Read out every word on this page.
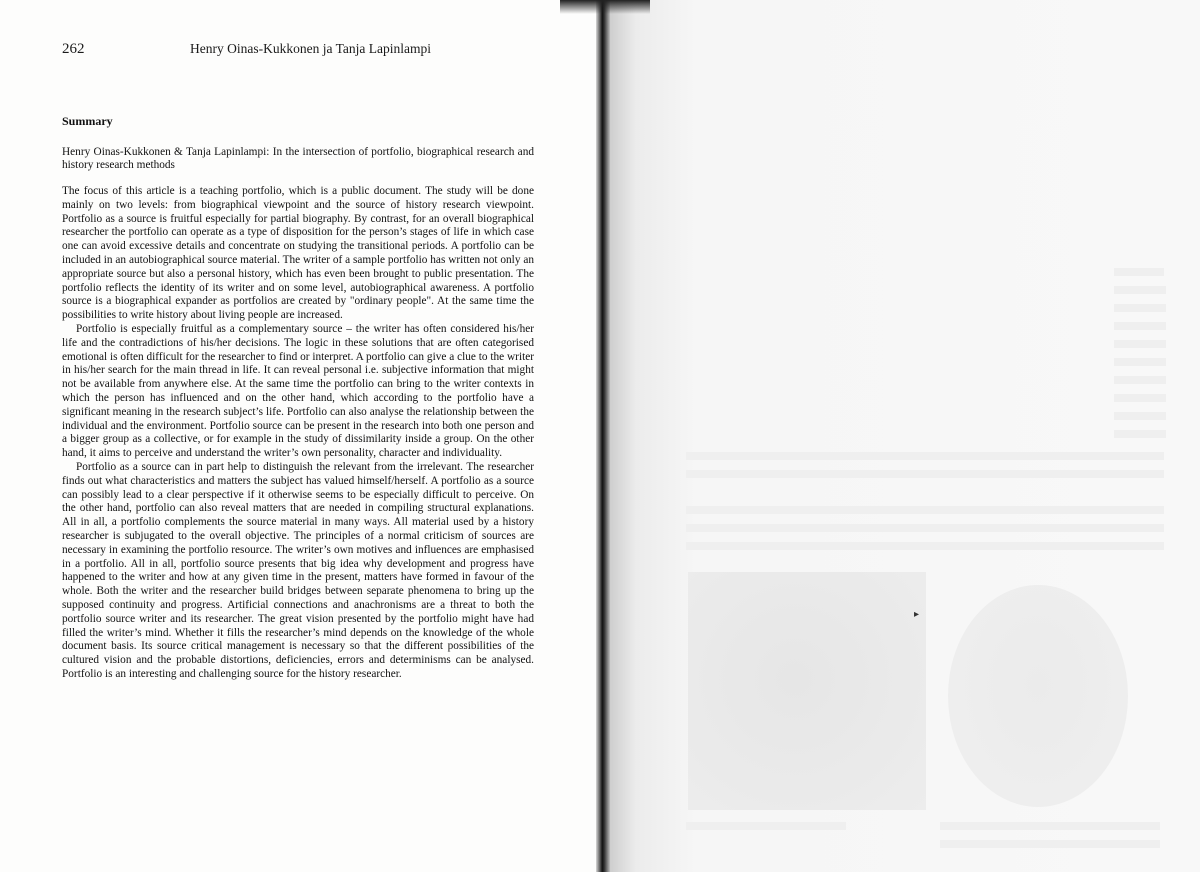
▸
262	Henry Oinas-Kukkonen ja Tanja Lapinlampi
Summary
Henry Oinas-Kukkonen & Tanja Lapinlampi: In the intersection of portfolio, biographical research and history research methods

The focus of this article is a teaching portfolio, which is a public document. The study will be done mainly on two levels: from biographical viewpoint and the source of history research viewpoint. Portfolio as a source is fruitful especially for partial biography. By contrast, for an overall biographical researcher the portfolio can operate as a type of disposition for the person’s stages of life in which case one can avoid excessive details and concentrate on studying the transitional periods. A portfolio can be included in an autobiographical source material. The writer of a sample portfolio has written not only an appropriate source but also a personal history, which has even been brought to public presentation. The portfolio reflects the identity of its writer and on some level, autobiographical awareness. A portfolio source is a biographical expander as portfolios are created by "ordinary people". At the same time the possibilities to write history about living people are increased.

Portfolio is especially fruitful as a complementary source – the writer has often considered his/her life and the contradictions of his/her decisions. The logic in these solutions that are often categorised emotional is often difficult for the researcher to find or interpret. A portfolio can give a clue to the writer in his/her search for the main thread in life. It can reveal personal i.e. subjective information that might not be available from anywhere else. At the same time the portfolio can bring to the writer contexts in which the person has influenced and on the other hand, which according to the portfolio have a significant meaning in the research subject’s life. Portfolio can also analyse the relationship between the individual and the environment. Portfolio source can be present in the research into both one person and a bigger group as a collective, or for example in the study of dissimilarity inside a group. On the other hand, it aims to perceive and understand the writer’s own personality, character and individuality.

Portfolio as a source can in part help to distinguish the relevant from the irrelevant. The researcher finds out what characteristics and matters the subject has valued himself/herself. A portfolio as a source can possibly lead to a clear perspective if it otherwise seems to be especially difficult to perceive. On the other hand, portfolio can also reveal matters that are needed in compiling structural explanations. All in all, a portfolio complements the source material in many ways. All material used by a history researcher is subjugated to the overall objective. The principles of a normal criticism of sources are necessary in examining the portfolio resource. The writer’s own motives and influences are emphasised in a portfolio. All in all, portfolio source presents that big idea why development and progress have happened to the writer and how at any given time in the present, matters have formed in favour of the whole. Both the writer and the researcher build bridges between separate phenomena to bring up the supposed continuity and progress. Artificial connections and anachronisms are a threat to both the portfolio source writer and its researcher. The great vision presented by the portfolio might have had filled the writer’s mind. Whether it fills the researcher’s mind depends on the knowledge of the whole document basis. Its source critical management is necessary so that the different possibilities of the cultured vision and the probable distortions, deficiencies, errors and determinisms can be analysed. Portfolio is an interesting and challenging source for the history researcher.
